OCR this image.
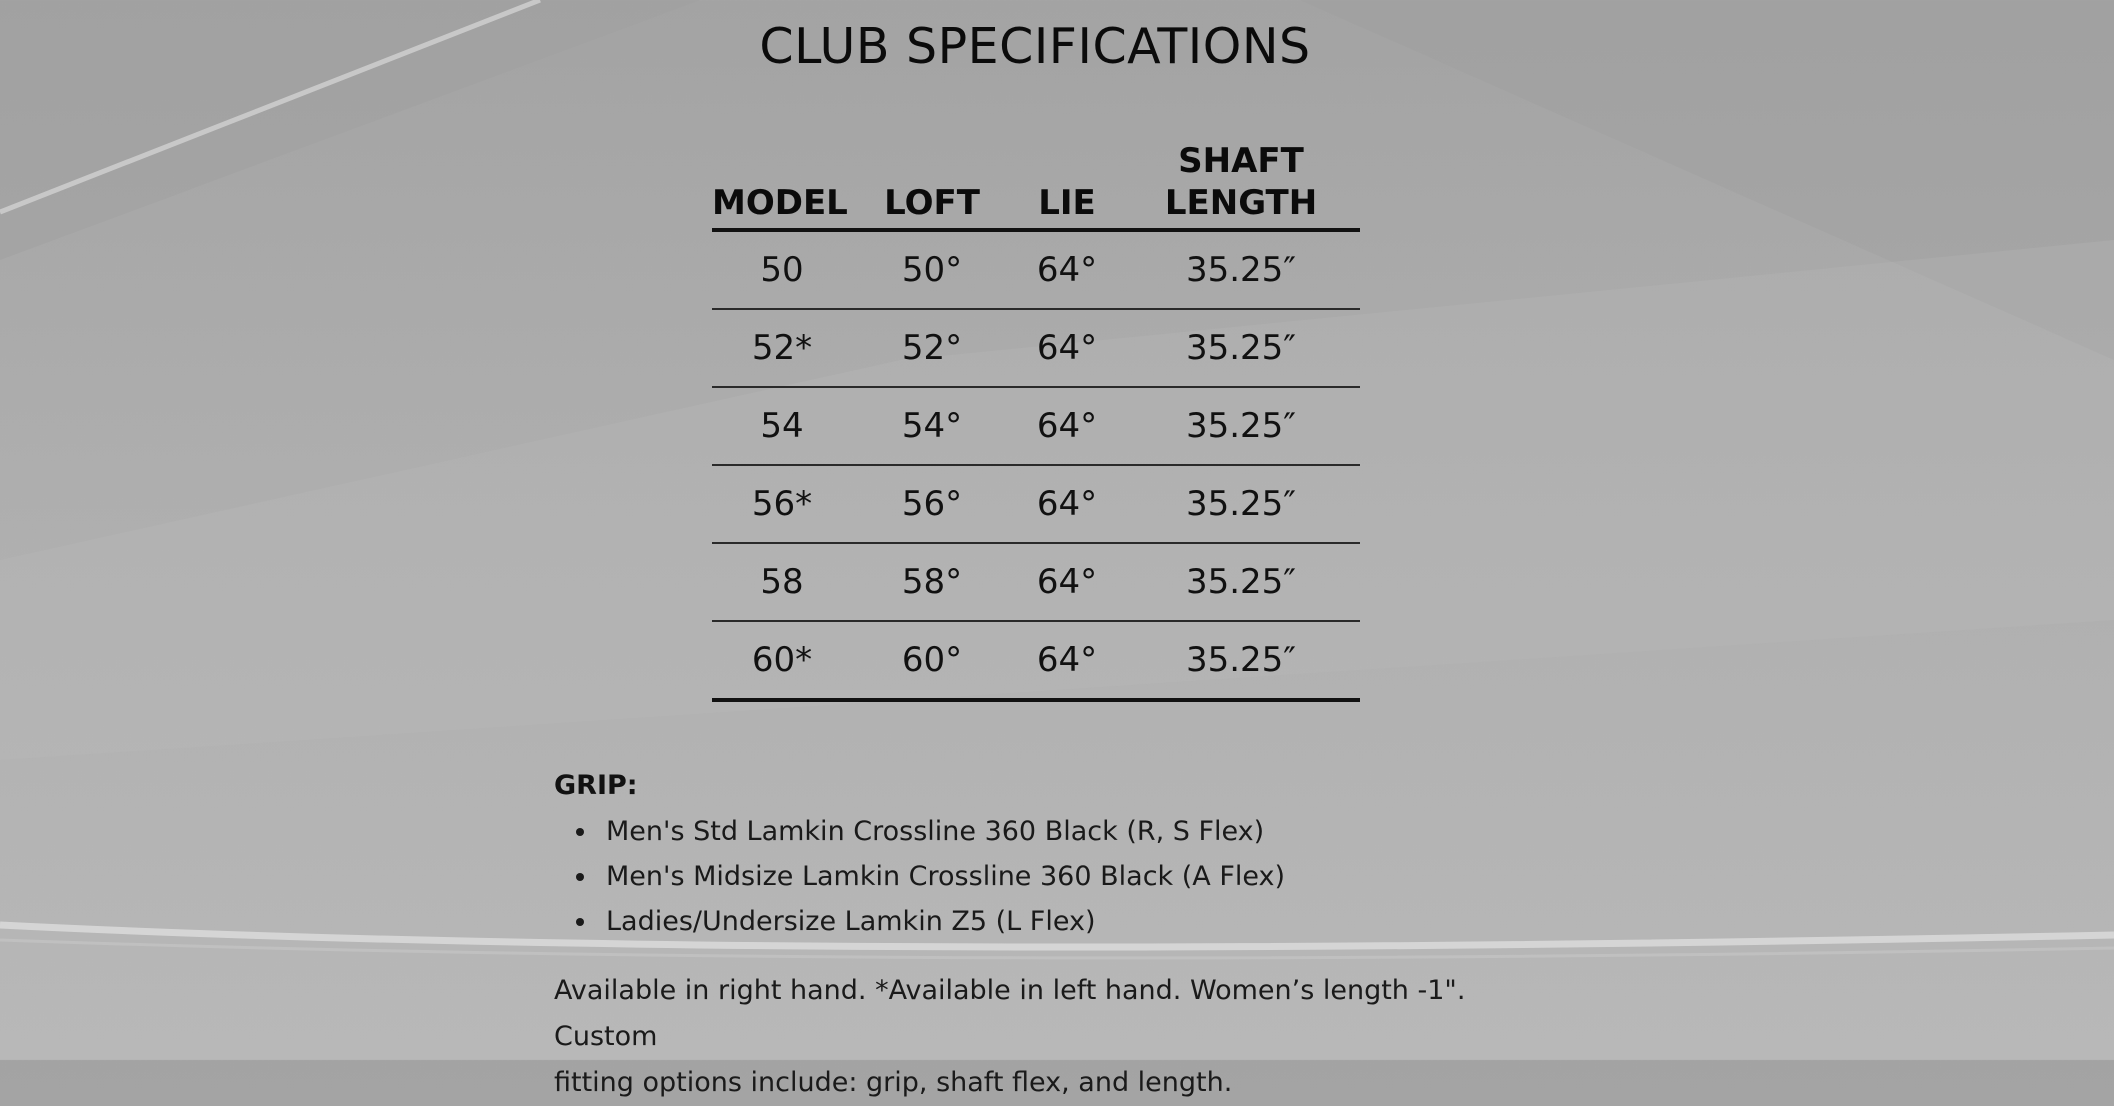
CLUB SPECIFICATIONS
MODEL	LOFT	LIE	SHAFT
LENGTH

50	50°	64°	35.25″
52*	52°	64°	35.25″
54	54°	64°	35.25″
56*	56°	64°	35.25″
58	58°	64°	35.25″
60*	60°	64°	35.25″
GRIP:
Men's Std Lamkin Crossline 360 Black (R, S Flex)
Men's Midsize Lamkin Crossline 360 Black (A Flex)
Ladies/Undersize Lamkin Z5 (L Flex)

Available in right hand. *Available in left hand. Women’s length -1". Custom
fitting options include: grip, shaft flex, and length.
